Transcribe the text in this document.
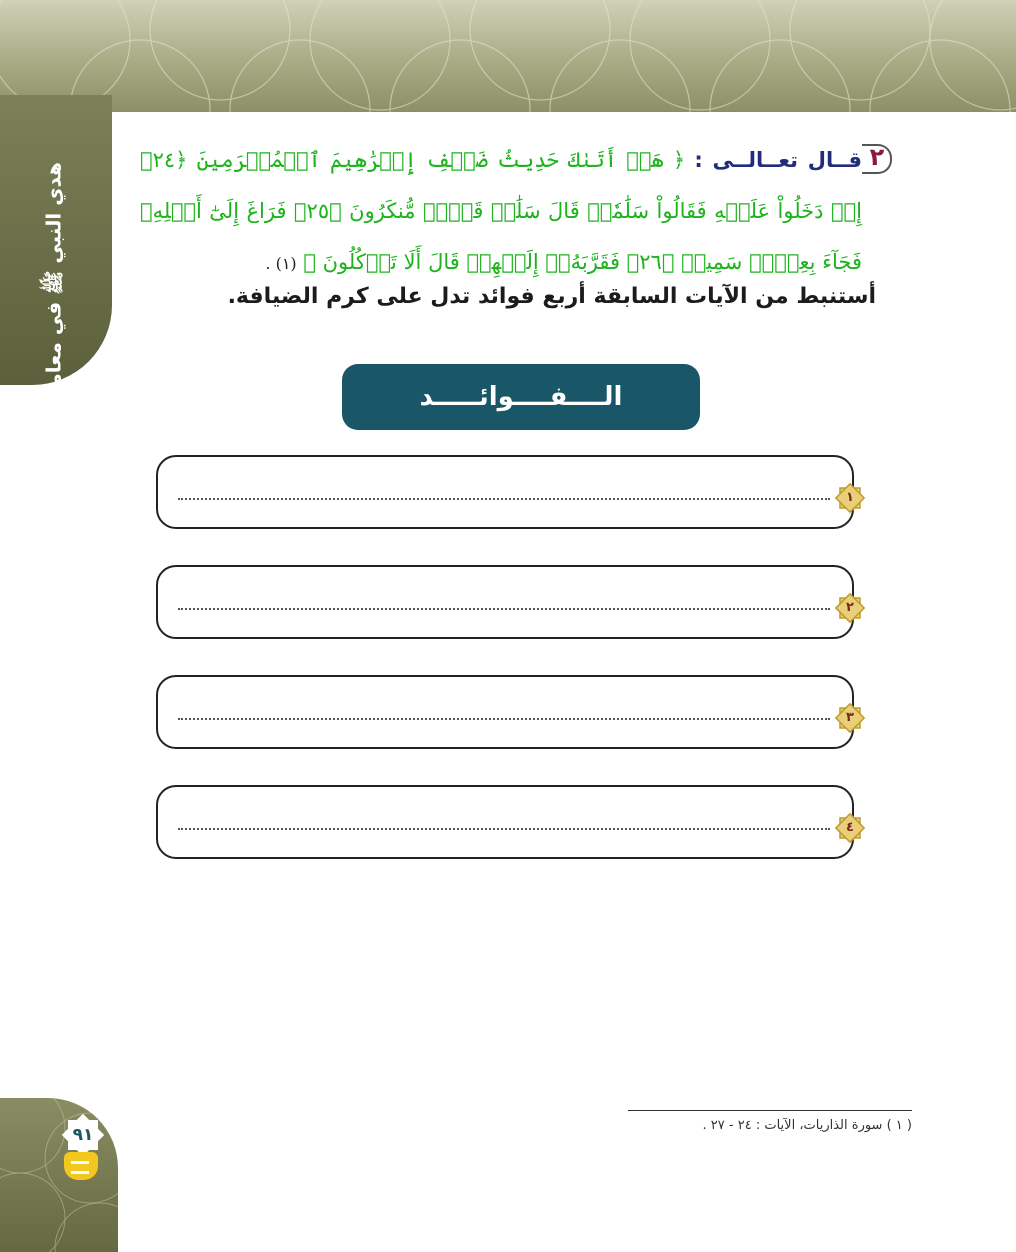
هدي النبي ﷺ في معاملة الناس (٢)
٢
قــال تعــالــى : ﴿ هَلۡ أَتَىٰكَ حَدِيثُ ضَيۡفِ إِبۡرَٰهِيمَ ٱلۡمُكۡرَمِينَ ﴿٢٤﴾ إِذۡ دَخَلُواْ عَلَيۡهِ فَقَالُواْ سَلَٰمٗاۖ قَالَ سَلَٰمٞ قَوۡمٞ مُّنكَرُونَ ﴿٢٥﴾ فَرَاغَ إِلَىٰٓ أَهۡلِهِۦ فَجَآءَ بِعِجۡلٖ سَمِينٖ ﴿٢٦﴾ فَقَرَّبَهُۥٓ إِلَيۡهِمۡ قَالَ أَلَا تَأۡكُلُونَ ﴾ (١) .
أستنبط من الآيات السابقة أربع فوائد تدل على كرم الضيافة.
الــــفــــوائـــــد
١
٢
٣
٤
( ١ ) سورة الذاريات، الآيات : ٢٤ - ٢٧ .
٩١
